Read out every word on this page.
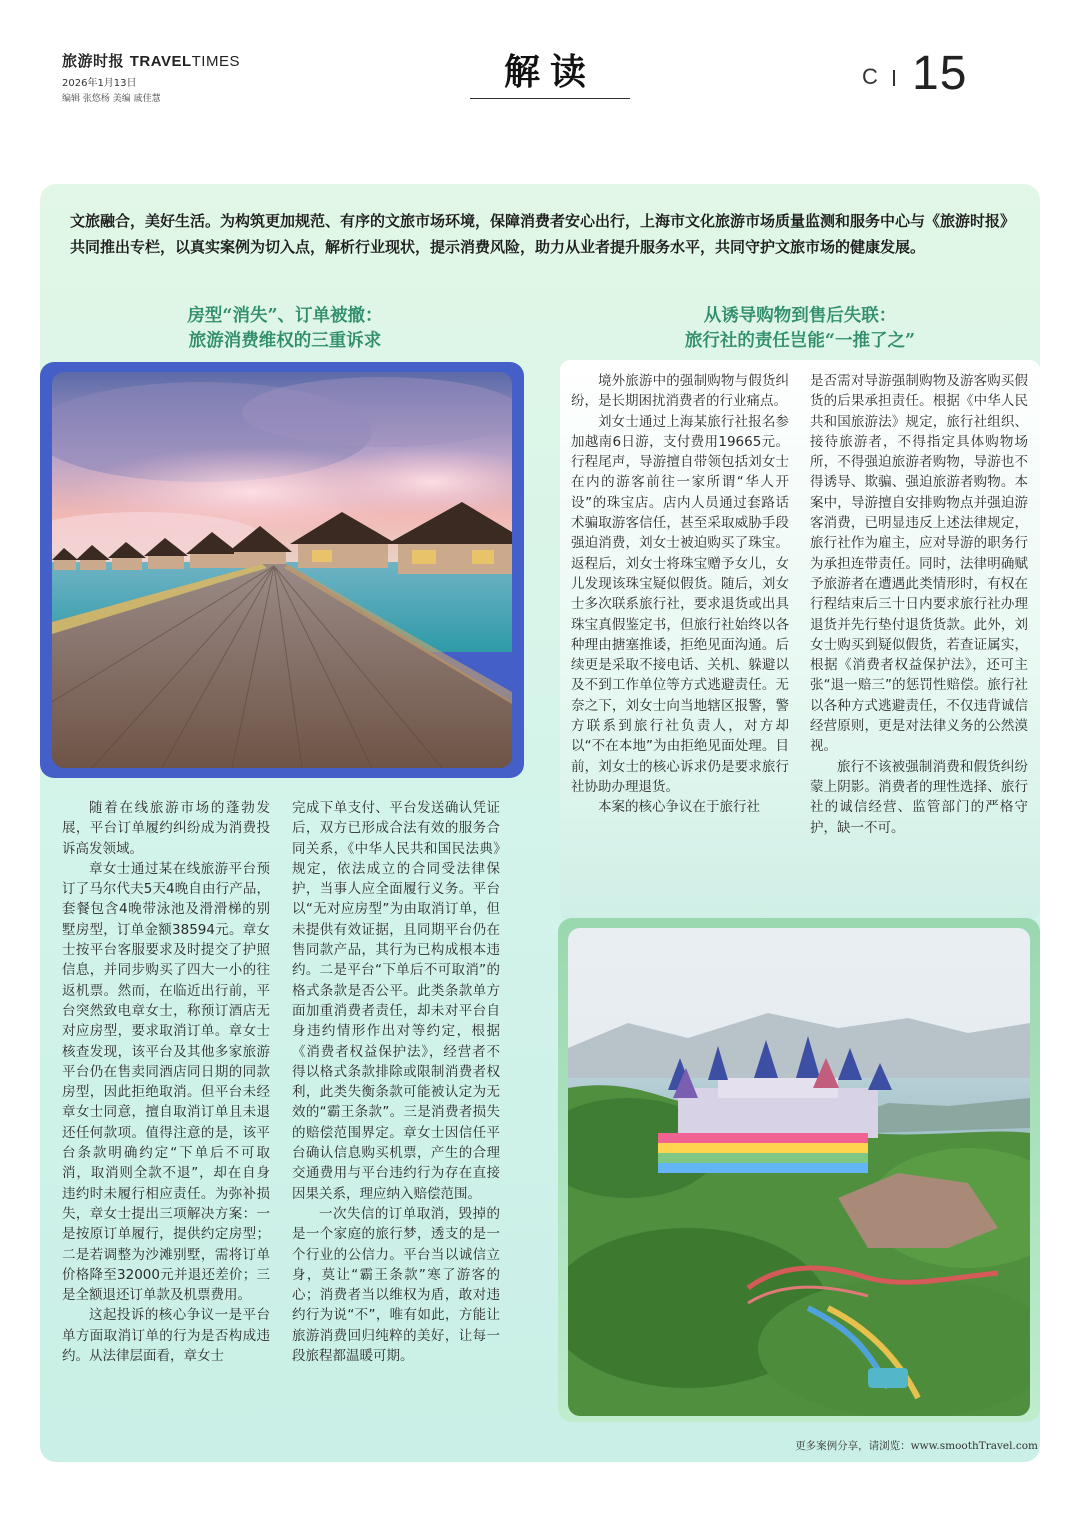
旅游时报 TRAVELTIMES
2026年1月13日
编辑 张悠杨 美编 戚佳慧
解读	C 15
文旅融合，美好生活。为构筑更加规范、有序的文旅市场环境，保障消费者安心出行，上海市文化旅游市场质量监测和服务中心与《旅游时报》共同推出专栏，以真实案例为切入点，解析行业现状，提示消费风险，助力从业者提升服务水平，共同守护文旅市场的健康发展。
房型“消失”、订单被撤：
旅游消费维权的三重诉求
从诱导购物到售后失联：
旅行社的责任岂能“一推了之”

随着在线旅游市场的蓬勃发展，平台订单履约纠纷成为消费投诉高发领域。

章女士通过某在线旅游平台预订了马尔代夫5天4晚自由行产品，套餐包含4晚带泳池及滑滑梯的别墅房型，订单金额38594元。章女士按平台客服要求及时提交了护照信息，并同步购买了四大一小的往返机票。然而，在临近出行前，平台突然致电章女士，称预订酒店无对应房型，要求取消订单。章女士核查发现，该平台及其他多家旅游平台仍在售卖同酒店同日期的同款房型，因此拒绝取消。但平台未经章女士同意，擅自取消订单且未退还任何款项。值得注意的是，该平台条款明确约定“下单后不可取消，取消则全款不退”，却在自身违约时未履行相应责任。为弥补损失，章女士提出三项解决方案：一是按原订单履行，提供约定房型；二是若调整为沙滩别墅，需将订单价格降至32000元并退还差价；三是全额退还订单款及机票费用。

这起投诉的核心争议一是平台单方面取消订单的行为是否构成违约。从法律层面看，章女士

完成下单支付、平台发送确认凭证后，双方已形成合法有效的服务合同关系，《中华人民共和国民法典》规定，依法成立的合同受法律保护，当事人应全面履行义务。平台以“无对应房型”为由取消订单，但未提供有效证据，且同期平台仍在售同款产品，其行为已构成根本违约。二是平台“下单后不可取消”的格式条款是否公平。此类条款单方面加重消费者责任，却未对平台自身违约情形作出对等约定，根据《消费者权益保护法》，经营者不得以格式条款排除或限制消费者权利，此类失衡条款可能被认定为无效的“霸王条款”。三是消费者损失的赔偿范围界定。章女士因信任平台确认信息购买机票，产生的合理交通费用与平台违约行为存在直接因果关系，理应纳入赔偿范围。

一次失信的订单取消，毁掉的是一个家庭的旅行梦，透支的是一个行业的公信力。平台当以诚信立身，莫让“霸王条款”寒了游客的心；消费者当以维权为盾，敢对违约行为说“不”，唯有如此，方能让旅游消费回归纯粹的美好，让每一段旅程都温暖可期。

境外旅游中的强制购物与假货纠纷，是长期困扰消费者的行业痛点。

刘女士通过上海某旅行社报名参加越南6日游，支付费用19665元。行程尾声，导游擅自带领包括刘女士在内的游客前往一家所谓“华人开设”的珠宝店。店内人员通过套路话术骗取游客信任，甚至采取威胁手段强迫消费，刘女士被迫购买了珠宝。返程后，刘女士将珠宝赠予女儿，女儿发现该珠宝疑似假货。随后，刘女士多次联系旅行社，要求退货或出具珠宝真假鉴定书，但旅行社始终以各种理由搪塞推诿，拒绝见面沟通。后续更是采取不接电话、关机、躲避以及不到工作单位等方式逃避责任。无奈之下，刘女士向当地辖区报警，警方联系到旅行社负责人，对方却以“不在本地”为由拒绝见面处理。目前，刘女士的核心诉求仍是要求旅行社协助办理退货。

本案的核心争议在于旅行社

是否需对导游强制购物及游客购买假货的后果承担责任。根据《中华人民共和国旅游法》规定，旅行社组织、接待旅游者，不得指定具体购物场所，不得强迫旅游者购物，导游也不得诱导、欺骗、强迫旅游者购物。本案中，导游擅自安排购物点并强迫游客消费，已明显违反上述法律规定，旅行社作为雇主，应对导游的职务行为承担连带责任。同时，法律明确赋予旅游者在遭遇此类情形时，有权在行程结束后三十日内要求旅行社办理退货并先行垫付退货货款。此外，刘女士购买到疑似假货，若查证属实，根据《消费者权益保护法》，还可主张“退一赔三”的惩罚性赔偿。旅行社以各种方式逃避责任，不仅违背诚信经营原则，更是对法律义务的公然漠视。

旅行不该被强制消费和假货纠纷蒙上阴影。消费者的理性选择、旅行社的诚信经营、监管部门的严格守护，缺一不可。

更多案例分享，请浏览：www.smoothTravel.com
